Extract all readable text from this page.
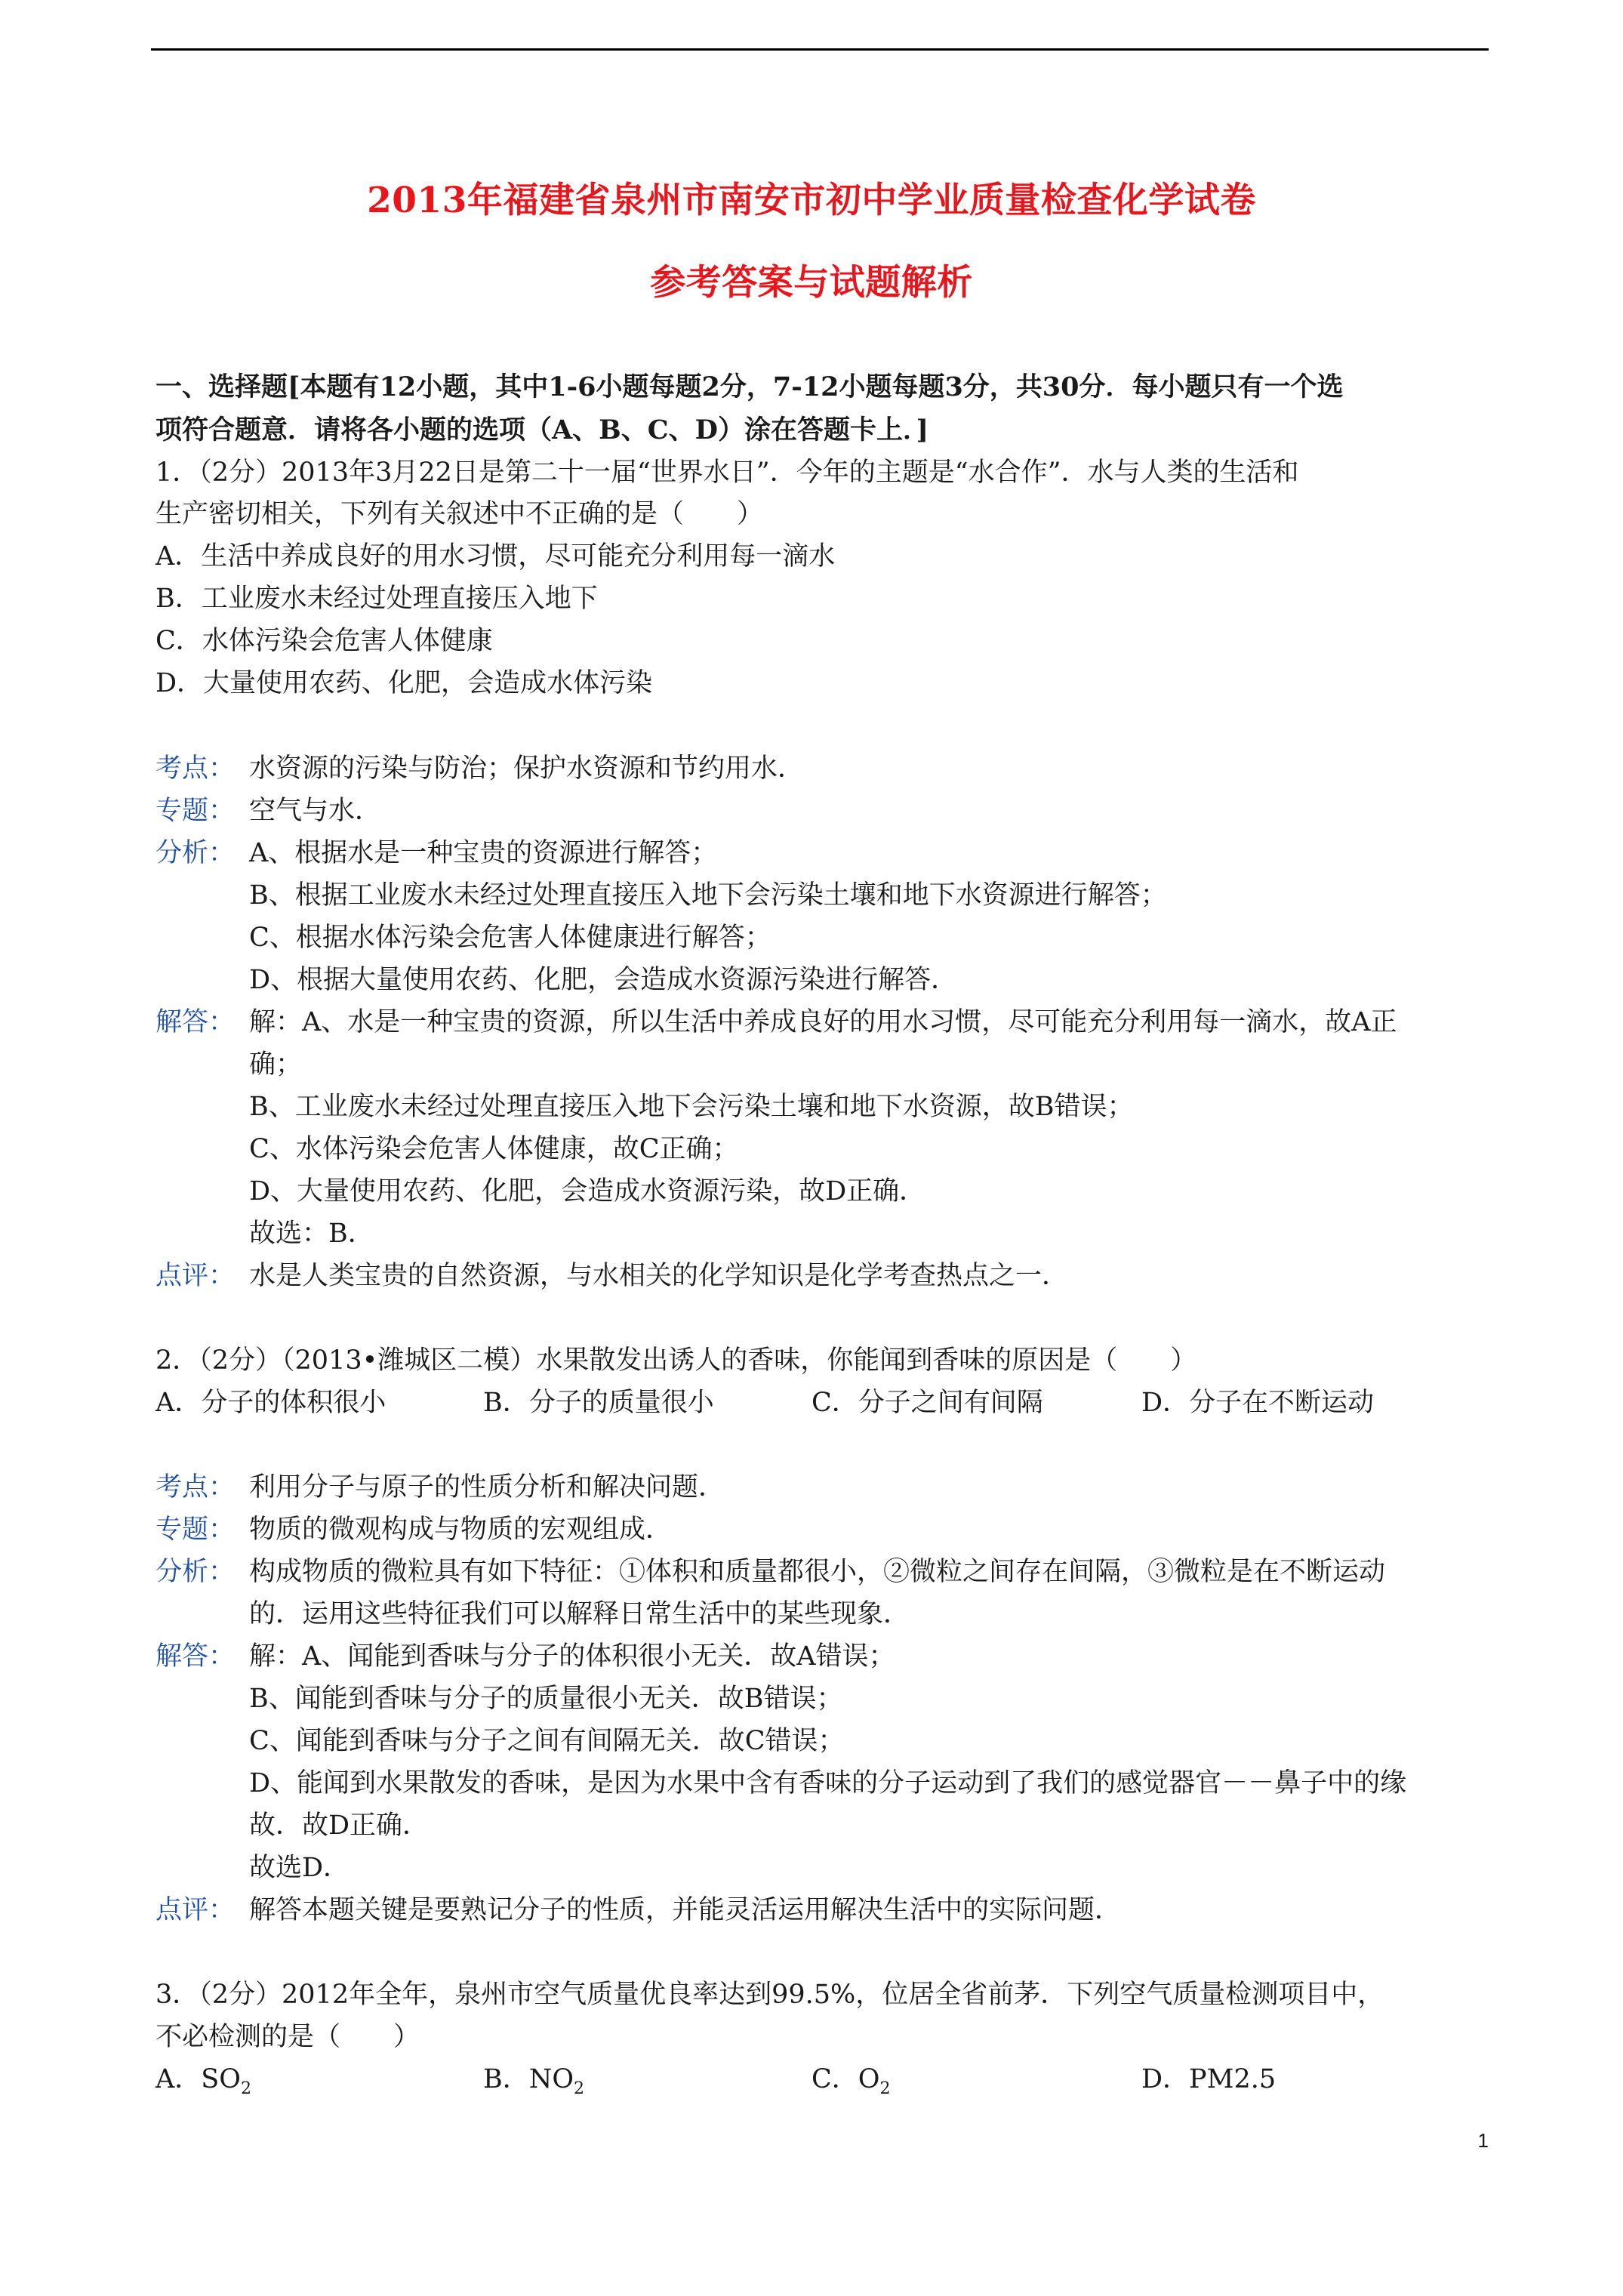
2013年福建省泉州市南安市初中学业质量检查化学试卷
参考答案与试题解析
一、选择题[本题有12小题，其中1-6小题每题2分，7-12小题每题3分，共30分．每小题只有一个选
项符合题意．请将各小题的选项（A、B、C、D）涂在答题卡上．]
1．（2分）2013年3月22日是第二十一届“世界水日”．今年的主题是“水合作”．水与人类的生活和
生产密切相关，下列有关叙述中不正确的是（　　）
A．生活中养成良好的用水习惯，尽可能充分利用每一滴水
B．工业废水未经过处理直接压入地下
C．水体污染会危害人体健康
D．大量使用农药、化肥，会造成水体污染
考点： 水资源的污染与防治；保护水资源和节约用水．
专题： 空气与水．
分析： A、根据水是一种宝贵的资源进行解答；
B、根据工业废水未经过处理直接压入地下会污染土壤和地下水资源进行解答；
C、根据水体污染会危害人体健康进行解答；
D、根据大量使用农药、化肥，会造成水资源污染进行解答．
解答： 解：A、水是一种宝贵的资源，所以生活中养成良好的用水习惯，尽可能充分利用每一滴水，故A正
确；
B、工业废水未经过处理直接压入地下会污染土壤和地下水资源，故B错误；
C、水体污染会危害人体健康，故C正确；
D、大量使用农药、化肥，会造成水资源污染，故D正确．
故选：B．
点评： 水是人类宝贵的自然资源，与水相关的化学知识是化学考查热点之一．
2．（2分）（2013•潍城区二模）水果散发出诱人的香味，你能闻到香味的原因是（　　）
A．分子的体积很小	B．分子的质量很小	C．分子之间有间隔	D．分子在不断运动
考点： 利用分子与原子的性质分析和解决问题．
专题： 物质的微观构成与物质的宏观组成．
分析： 构成物质的微粒具有如下特征：①体积和质量都很小，②微粒之间存在间隔，③微粒是在不断运动
的．运用这些特征我们可以解释日常生活中的某些现象．
解答： 解：A、闻能到香味与分子的体积很小无关．故A错误；
B、闻能到香味与分子的质量很小无关．故B错误；
C、闻能到香味与分子之间有间隔无关．故C错误；
D、能闻到水果散发的香味，是因为水果中含有香味的分子运动到了我们的感觉器官－－鼻子中的缘
故．故D正确．
故选D．
点评： 解答本题关键是要熟记分子的性质，并能灵活运用解决生活中的实际问题．
3．（2分）2012年全年，泉州市空气质量优良率达到99.5%，位居全省前茅．下列空气质量检测项目中，
不必检测的是（　　）
A．$SO_2$	B．$NO_2$	C．$O_2$	D．PM2.5
1
